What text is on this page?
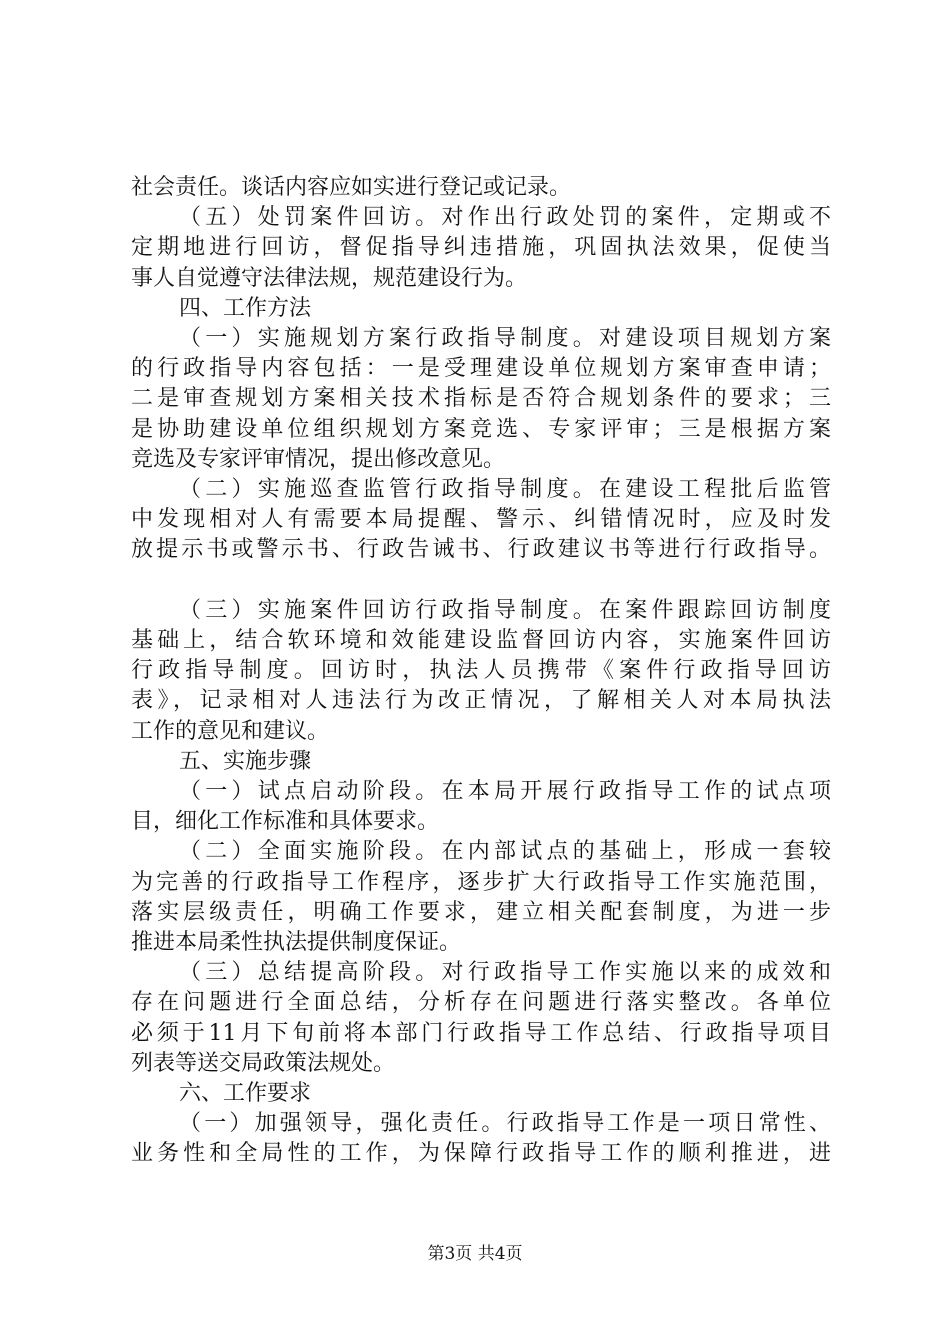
社会责任。谈话内容应如实进行登记或记录。
（五）处罚案件回访。对作出行政处罚的案件，定期或不
定期地进行回访，督促指导纠违措施，巩固执法效果，促使当
事人自觉遵守法律法规，规范建设行为。
四、工作方法
（一）实施规划方案行政指导制度。对建设项目规划方案
的行政指导内容包括：一是受理建设单位规划方案审查申请；
二是审查规划方案相关技术指标是否符合规划条件的要求；三
是协助建设单位组织规划方案竞选、专家评审；三是根据方案
竞选及专家评审情况，提出修改意见。
（二）实施巡查监管行政指导制度。在建设工程批后监管
中发现相对人有需要本局提醒、警示、纠错情况时，应及时发
放提示书或警示书、行政告诫书、行政建议书等进行行政指导。
（三）实施案件回访行政指导制度。在案件跟踪回访制度
基础上，结合软环境和效能建设监督回访内容，实施案件回访
行政指导制度。回访时，执法人员携带《案件行政指导回访
表》，记录相对人违法行为改正情况，了解相关人对本局执法
工作的意见和建议。
五、实施步骤
（一）试点启动阶段。在本局开展行政指导工作的试点项
目，细化工作标准和具体要求。
（二）全面实施阶段。在内部试点的基础上，形成一套较
为完善的行政指导工作程序，逐步扩大行政指导工作实施范围，
落实层级责任，明确工作要求，建立相关配套制度，为进一步
推进本局柔性执法提供制度保证。
（三）总结提高阶段。对行政指导工作实施以来的成效和
存在问题进行全面总结，分析存在问题进行落实整改。各单位
必须于11月下旬前将本部门行政指导工作总结、行政指导项目
列表等送交局政策法规处。
六、工作要求
（一）加强领导，强化责任。行政指导工作是一项日常性、
业务性和全局性的工作，为保障行政指导工作的顺利推进，进
第3页 共4页
